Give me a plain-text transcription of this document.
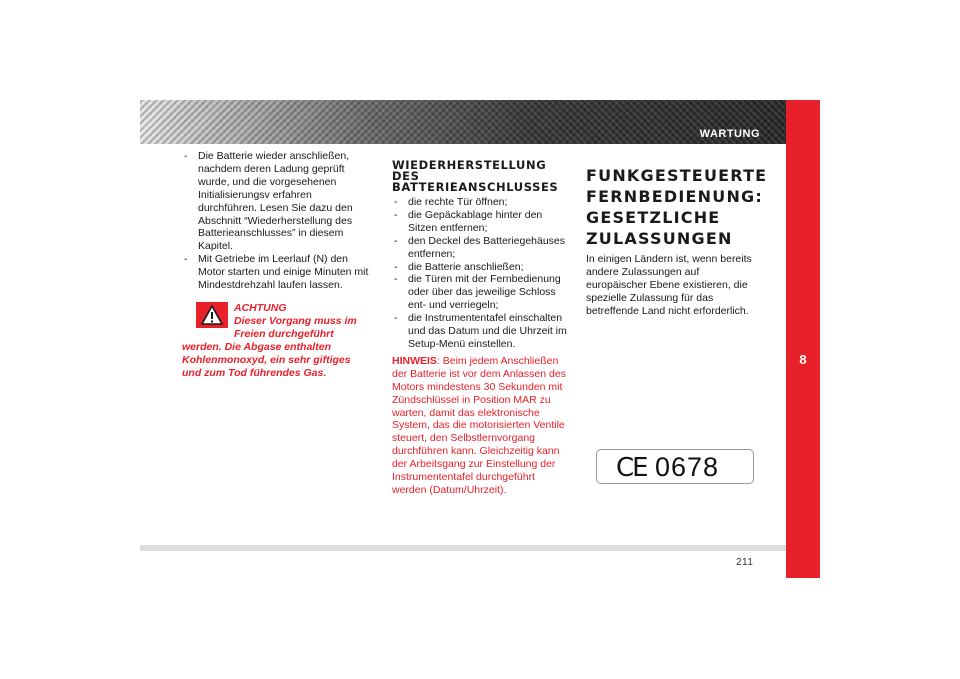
WARTUNG
8
- Die Batterie wieder anschließen, nachdem deren Ladung geprüft wurde, und die vorgesehenen Initialisierungsv erfahren durchführen. Lesen Sie dazu den Abschnitt “Wiederherstellung des Batterieanschlusses” in diesem Kapitel.
- Mit Getriebe im Leerlauf (N) den Motor starten und einige Minuten mit Mindestdrehzahl laufen lassen.
ACHTUNG
Dieser Vorgang muss im Freien durchgeführt werden. Die Abgase enthalten Kohlenmonoxyd, ein sehr giftiges und zum Tod führendes Gas.
WIEDERHERSTELLUNG DES BATTERIEANSCHLUSSES
- die rechte Tür öffnen;
- die Gepäckablage hinter den Sitzen entfernen;
- den Deckel des Batteriegehäuses entfernen;
- die Batterie anschließen;
- die Türen mit der Fernbedienung oder über das jeweilige Schloss ent- und verriegeln;
- die Instrumententafel einschalten und das Datum und die Uhrzeit im Setup-Menü einstellen.
HINWEIS: Beim jedem Anschließen der Batterie ist vor dem Anlassen des Motors mindestens 30 Sekunden mit Zündschlüssel in Position MAR zu warten, damit das elektronische System, das die motorisierten Ventile steuert, den Selbstlernvorgang durchführen kann. Gleichzeitig kann der Arbeitsgang zur Einstellung der Instrumententafel durchgeführt werden (Datum/Uhrzeit).
FUNKGESTEUERTE FERNBEDIENUNG: GESETZLICHE ZULASSUNGEN

In einigen Ländern ist, wenn bereits andere Zulassungen auf europäischer Ebene existieren, die spezielle Zulassung für das betreffende Land nicht erforderlich.

CE 0678
211
